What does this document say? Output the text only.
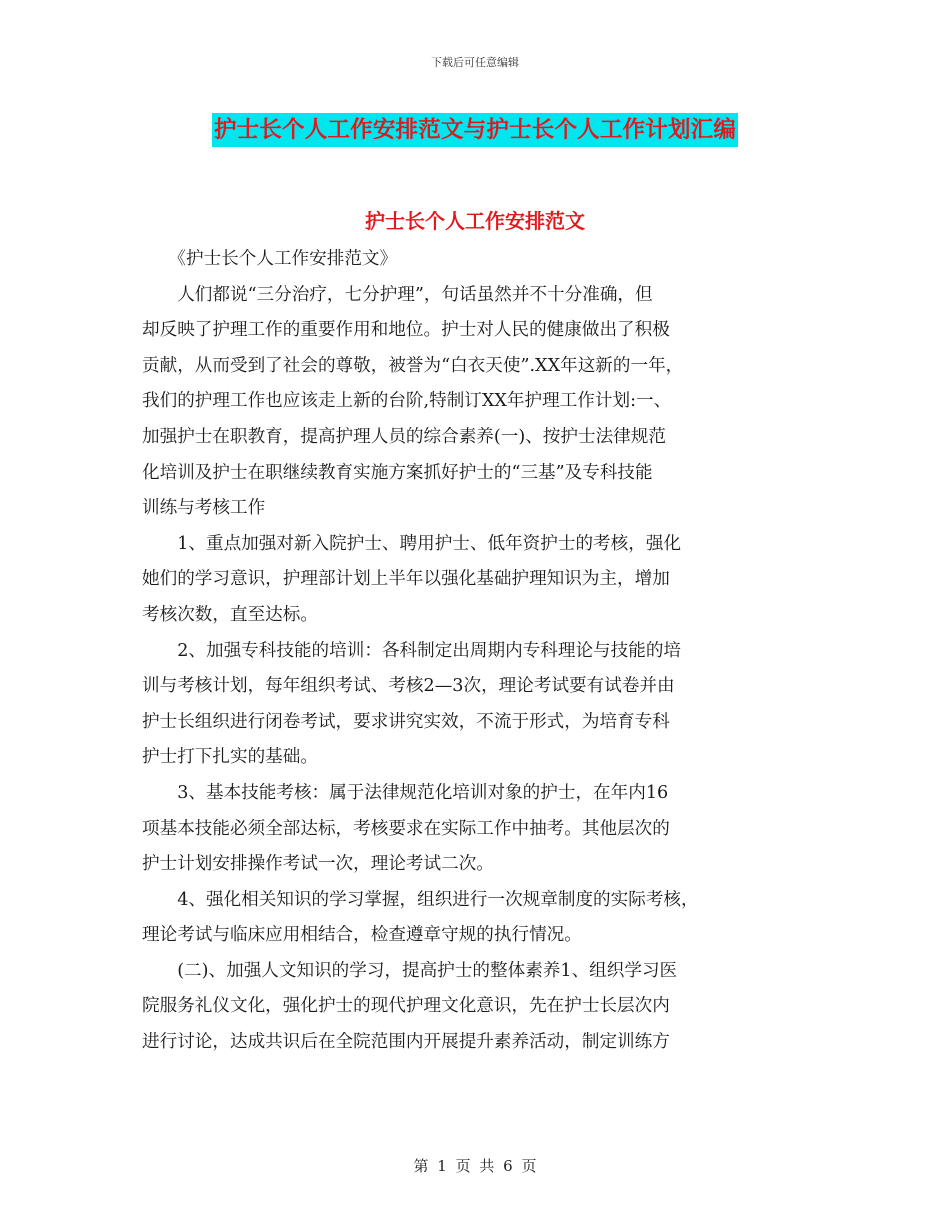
下载后可任意编辑
护士长个人工作安排范文与护士长个人工作计划汇编
护士长个人工作安排范文
　　《护士长个人工作安排范文》
　　人们都说“三分治疗，七分护理”，句话虽然并不十分准确，但
却反映了护理工作的重要作用和地位。护士对人民的健康做出了积极
贡献，从而受到了社会的尊敬，被誉为“白衣天使”.XX年这新的一年，
我们的护理工作也应该走上新的台阶,特制订XX年护理工作计划:一、
加强护士在职教育，提高护理人员的综合素养(一)、按护士法律规范
化培训及护士在职继续教育实施方案抓好护士的“三基”及专科技能
训练与考核工作
　　1、重点加强对新入院护士、聘用护士、低年资护士的考核，强化
她们的学习意识，护理部计划上半年以强化基础护理知识为主，增加
考核次数，直至达标。
　　2、加强专科技能的培训：各科制定出周期内专科理论与技能的培
训与考核计划，每年组织考试、考核2—3次，理论考试要有试卷并由
护士长组织进行闭卷考试，要求讲究实效，不流于形式，为培育专科
护士打下扎实的基础。
　　3、基本技能考核：属于法律规范化培训对象的护士，在年内16
项基本技能必须全部达标，考核要求在实际工作中抽考。其他层次的
护士计划安排操作考试一次，理论考试二次。
　　4、强化相关知识的学习掌握，组织进行一次规章制度的实际考核，
理论考试与临床应用相结合，检查遵章守规的执行情况。
　　(二)、加强人文知识的学习，提高护士的整体素养1、组织学习医
院服务礼仪文化，强化护士的现代护理文化意识，先在护士长层次内
进行讨论，达成共识后在全院范围内开展提升素养活动，制定训练方
第 1 页 共 6 页
